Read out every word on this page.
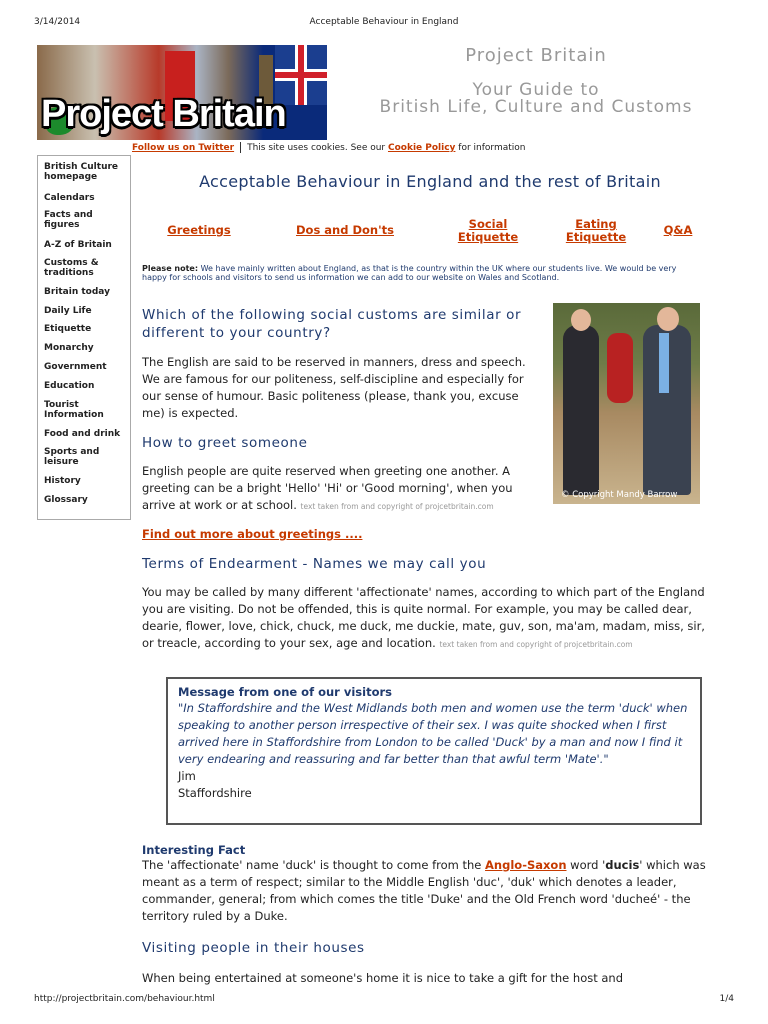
3/14/2014	Acceptable Behaviour in England
http://projectbritain.com/behaviour.html	1/4
Project Britain
Project Britain
Your Guide to
British Life, Culture and Customs
Follow us on Twitter This site uses cookies. See our Cookie Policy for information
British Culture homepage
Calendars
Facts and figures
A-Z of Britain
Customs & traditions
Britain today
Daily Life
Etiquette
Monarchy
Government
Education
Tourist Information
Food and drink
Sports and leisure
History
Glossary
Acceptable Behaviour in England and the rest of Britain
Greetings	Dos and Don'ts	Social
Etiquette
Eating
Etiquette	Q&A
Please note: We have mainly written about England, as that is the country within the UK where our students live. We would be very happy for schools and visitors to send us information we can add to our website on Wales and Scotland.
© Copyright Mandy Barrow
Which of the following social customs are similar or different to your country?
The English are said to be reserved in manners, dress and speech. We are famous for our politeness, self-discipline and especially for our sense of humour. Basic politeness (please, thank you, excuse me) is expected.
How to greet someone
English people are quite reserved when greeting one another. A greeting can be a bright 'Hello' 'Hi' or 'Good morning', when you arrive at work or at school. text taken from and copyright of projcetbritain.com
Find out more about greetings ....
Terms of Endearment - Names we may call you
You may be called by many different 'affectionate' names, according to which part of the England you are visiting. Do not be offended, this is quite normal. For example, you may be called dear, dearie, flower, love, chick, chuck, me duck, me duckie, mate, guv, son, ma'am, madam, miss, sir, or treacle, according to your sex, age and location. text taken from and copyright of projcetbritain.com
Message from one of our visitors
"In Staffordshire and the West Midlands both men and women use the term 'duck' when speaking to another person irrespective of their sex. I was quite shocked when I first arrived here in Staffordshire from London to be called 'Duck' by a man and now I find it very endearing and reassuring and far better than that awful term 'Mate'."
Jim
Staffordshire
Interesting Fact
The 'affectionate' name 'duck' is thought to come from the Anglo-Saxon word 'ducis' which was meant as a term of respect; similar to the Middle English 'duc', 'duk' which denotes a leader, commander, general; from which comes the title 'Duke' and the Old French word 'ducheé' - the territory ruled by a Duke.
Visiting people in their houses
When being entertained at someone's home it is nice to take a gift for the host and
